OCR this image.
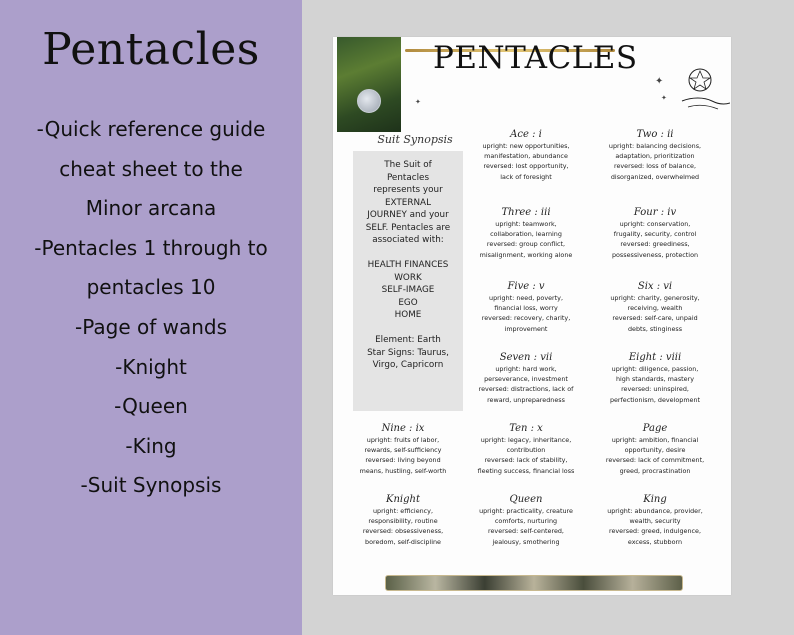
Pentacles
-Quick reference guide
cheat sheet to the
Minor arcana
-Pentacles 1 through to
pentacles 10
-Page of wands
-Knight
-Queen
-King
-Suit Synopsis
PENTACLES
✦
✦
✦
Suit Synopsis
The Suit of
Pentacles
represents your
EXTERNAL
JOURNEY and your
SELF. Pentacles are
associated with:
HEALTH FINANCES
WORK
SELF-IMAGE
EGO
HOME
Element: Earth
Star Signs: Taurus,
Virgo, Capricorn
Ace : i
upright: new opportunities,
manifestation, abundance
reversed: lost opportunity,
lack of foresight
Two : ii
upright: balancing decisions,
adaptation, prioritization
reversed: loss of balance,
disorganized, overwhelmed
Three : iii
upright: teamwork,
collaboration, learning
reversed: group conflict,
misalignment, working alone
Four : iv
upright: conservation,
frugality, security, control
reversed: greediness,
possessiveness, protection
Five : v
upright: need, poverty,
financial loss, worry
reversed: recovery, charity,
improvement
Six : vi
upright: charity, generosity,
receiving, wealth
reversed: self-care, unpaid
debts, stinginess
Seven : vii
upright: hard work,
perseverance, investment
reversed: distractions, lack of
reward, unpreparedness
Eight : viii
upright: diligence, passion,
high standards, mastery
reversed: uninspired,
perfectionism, development
Nine : ix
upright: fruits of labor,
rewards, self-sufficiency
reversed: living beyond
means, hustling, self-worth
Ten : x
upright: legacy, inheritance,
contribution
reversed: lack of stability,
fleeting success, financial loss
Page
upright: ambition, financial
opportunity, desire
reversed: lack of commitment,
greed, procrastination
Knight
upright: efficiency,
responsibility, routine
reversed: obsessiveness,
boredom, self-discipline
Queen
upright: practicality, creature
comforts, nurturing
reversed: self-centered,
jealousy, smothering
King
upright: abundance, provider,
wealth, security
reversed: greed, indulgence,
excess, stubborn
